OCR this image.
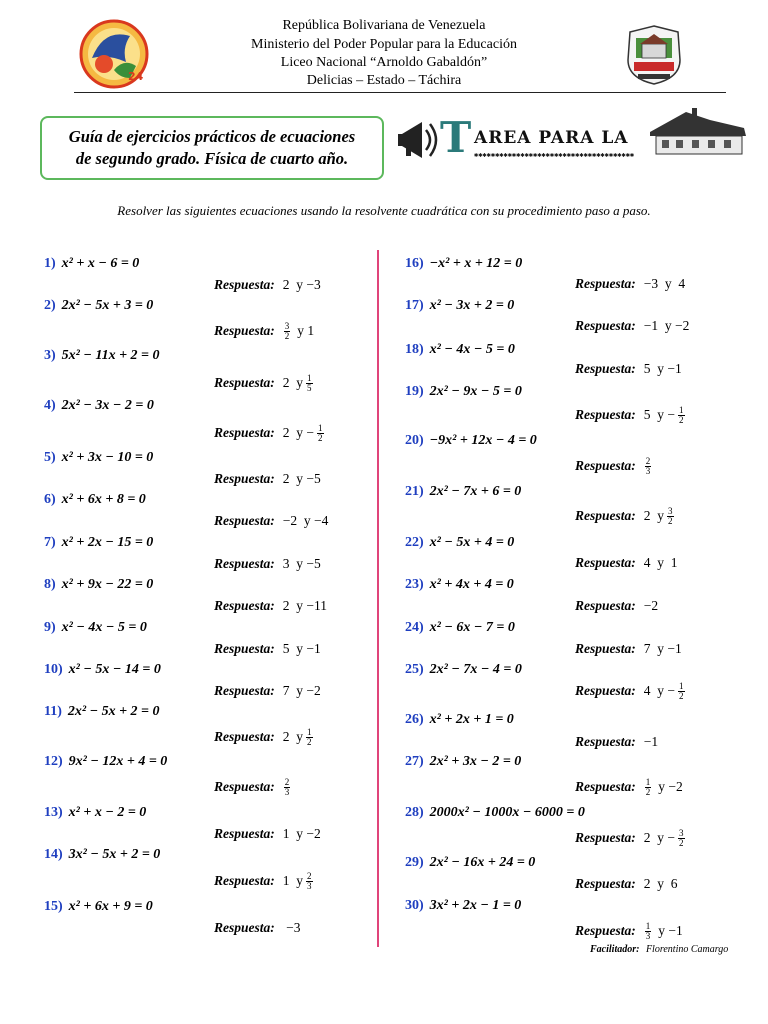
República Bolivariana de Venezuela
Ministerio del Poder Popular para la Educación
Liceo Nacional “Arnoldo Gabaldón”
Delicias – Estado – Táchira
24
Guía de ejercicios prácticos de ecuaciones
de segundo grado. Física de cuarto año.	T AREA PARA LA
✱✱✱✱✱✱✱✱✱✱✱✱✱✱✱✱✱✱✱✱✱✱✱✱✱✱✱✱✱✱✱✱✱✱✱✱✱✱
Resolver las siguientes ecuaciones usando la resolvente cuadrática con su procedimiento paso a paso.
1) x² + x − 6 = 0
Respuesta: 2  y −3
2) 2x² − 5x + 3 = 0
Respuesta: $\frac{3}{2}$ y 1
3) 5x² − 11x + 2 = 0
Respuesta: 2  y $\frac{1}{5}$
4) 2x² − 3x − 2 = 0
Respuesta: 2  $y - \frac{1}{2}$
5) x² + 3x − 10 = 0
Respuesta: 2  y −5
6) x² + 6x + 8 = 0
Respuesta: −2  y −4
7) x² + 2x − 15 = 0
Respuesta: 3  y −5
8) x² + 9x − 22 = 0
Respuesta: 2  y −11
9) x² − 4x − 5 = 0
Respuesta: 5  y −1
10) x² − 5x − 14 = 0
Respuesta: 7  y −2
11) 2x² − 5x + 2 = 0
Respuesta: 2  y $\frac{1}{2}$
12) 9x² − 12x + 4 = 0
Respuesta: $\frac{2}{3}$
13) x² + x − 2 = 0
Respuesta: 1  y −2
14) 3x² − 5x + 2 = 0
Respuesta: 1  y $\frac{2}{3}$
15) x² + 6x + 9 = 0
Respuesta: −3
16) −x² + x + 12 = 0
Respuesta: −3  y  4
17) x² − 3x + 2 = 0
Respuesta: −1  y −2
18) x² − 4x − 5 = 0
Respuesta: 5  y −1
19) 2x² − 9x − 5 = 0
Respuesta: 5  $y - \frac{1}{2}$
20) −9x² + 12x − 4 = 0
Respuesta: $\frac{2}{3}$
21) 2x² − 7x + 6 = 0
Respuesta: 2  y $\frac{3}{2}$
22) x² − 5x + 4 = 0
Respuesta: 4  y  1
23) x² + 4x + 4 = 0
Respuesta: −2
24) x² − 6x − 7 = 0
Respuesta: 7  y −1
25) 2x² − 7x − 4 = 0
Respuesta: 4  $y - \frac{1}{2}$
26) x² + 2x + 1 = 0
Respuesta: −1
27) 2x² + 3x − 2 = 0
Respuesta: $\frac{1}{2}$ y −2
28) 2000x² − 1000x − 6000 = 0
Respuesta: 2  $y - \frac{3}{2}$
29) 2x² − 16x + 24 = 0
Respuesta: 2  y  6
30) 3x² + 2x − 1 = 0
Respuesta: $\frac{1}{3}$ y −1
Facilitador: Florentino Camargo
